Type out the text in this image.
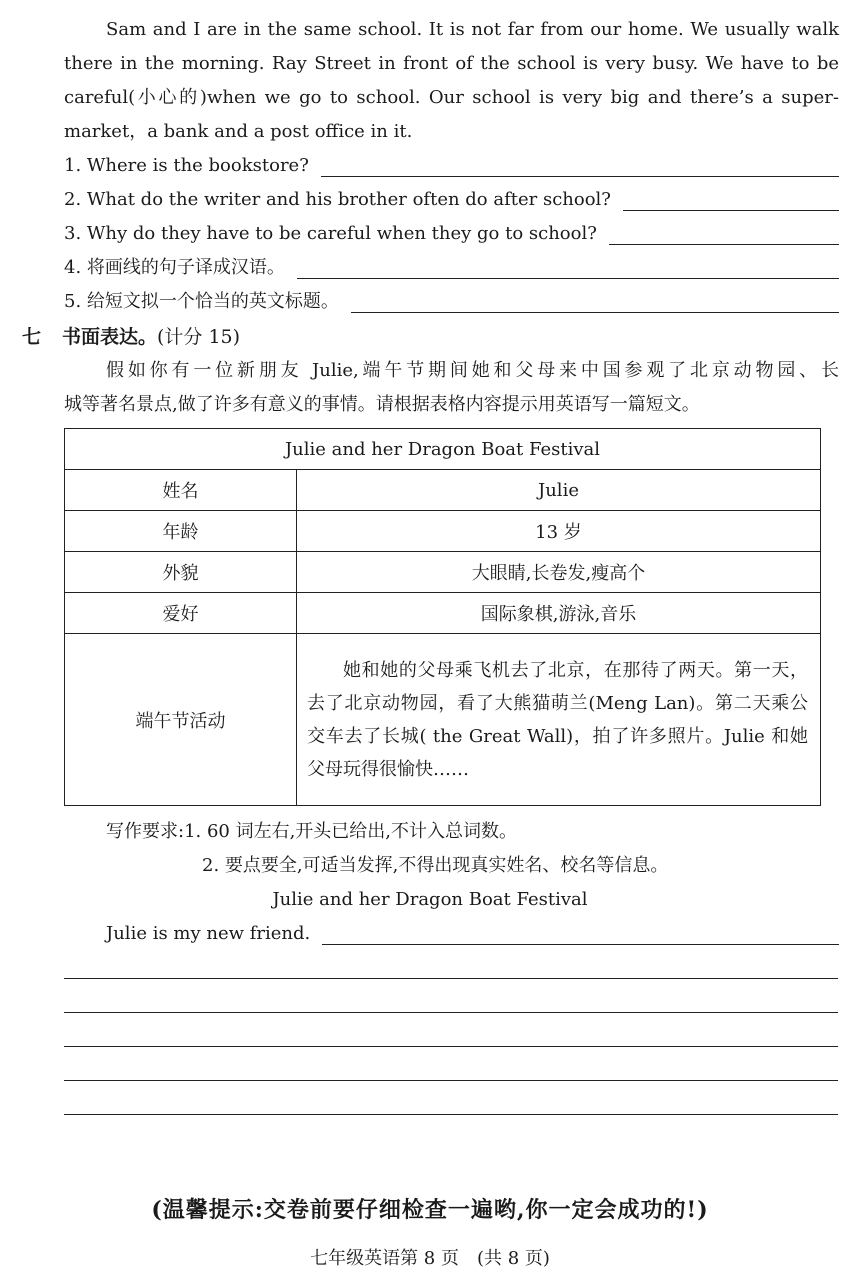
Sam and I are in the same school. It is not far from our home. We usually walk
there in the morning. Ray Street in front of the school is very busy. We have to be
careful(小心的)when we go to school. Our school is very big and there’s a super-
market，a bank and a post office in it.
1. Where is the bookstore?
2. What do the writer and his brother often do after school?
3. Why do they have to be careful when they go to school?
4. 将画线的句子译成汉语。
5. 给短文拟一个恰当的英文标题。
七 书面表达。(计分 15)
假如你有一位新朋友 Julie,端午节期间她和父母来中国参观了北京动物园、长
城等著名景点,做了许多有意义的事情。请根据表格内容提示用英语写一篇短文。
Julie and her Dragon Boat Festival	
姓名	Julie
年龄	13 岁
外貌	大眼睛,长卷发,瘦高个
爱好	国际象棋,游泳,音乐
端午节活动	她和她的父母乘飞机去了北京，在那待了两天。第一天，去了北京动物园，看了大熊猫萌兰(Meng Lan)。第二天乘公交车去了长城( the Great Wall)，拍了许多照片。Julie 和她父母玩得很愉快……
写作要求:1. 60 词左右,开头已给出,不计入总词数。
2. 要点要全,可适当发挥,不得出现真实姓名、校名等信息。
Julie and her Dragon Boat Festival
Julie is my new friend.
(温馨提示:交卷前要仔细检查一遍哟,你一定会成功的!)
七年级英语第 8 页　(共 8 页)
